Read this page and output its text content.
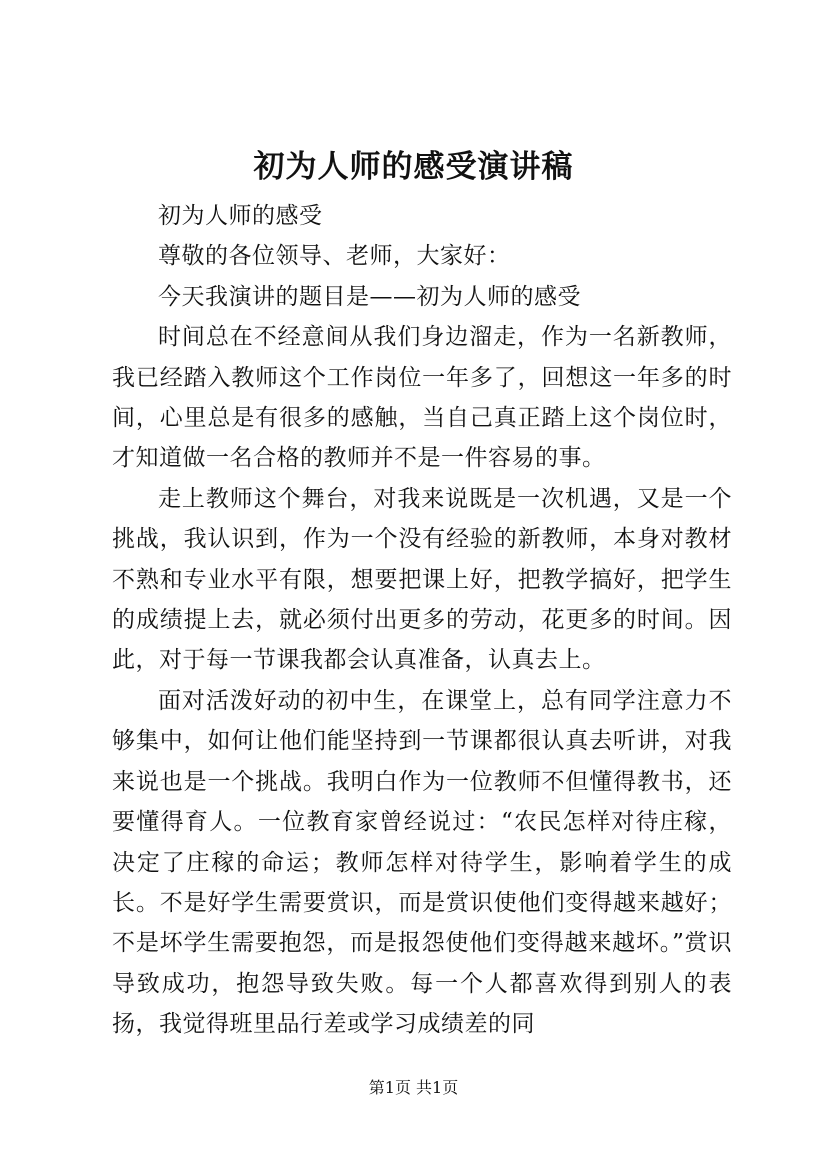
初为人师的感受演讲稿

初为人师的感受

尊敬的各位领导、老师，大家好：

今天我演讲的题目是——初为人师的感受

时间总在不经意间从我们身边溜走，作为一名新教师，我已经踏入教师这个工作岗位一年多了，回想这一年多的时间，心里总是有很多的感触，当自己真正踏上这个岗位时，才知道做一名合格的教师并不是一件容易的事。

走上教师这个舞台，对我来说既是一次机遇，又是一个挑战，我认识到，作为一个没有经验的新教师，本身对教材不熟和专业水平有限，想要把课上好，把教学搞好，把学生的成绩提上去，就必须付出更多的劳动，花更多的时间。因此，对于每一节课我都会认真准备，认真去上。

面对活泼好动的初中生，在课堂上，总有同学注意力不够集中，如何让他们能坚持到一节课都很认真去听讲，对我来说也是一个挑战。我明白作为一位教师不但懂得教书，还要懂得育人。一位教育家曾经说过：“农民怎样对待庄稼，决定了庄稼的命运；教师怎样对待学生，影响着学生的成长。不是好学生需要赏识，而是赏识使他们变得越来越好；不是坏学生需要抱怨，而是报怨使他们变得越来越坏。”赏识导致成功，抱怨导致失败。每一个人都喜欢得到别人的表扬，我觉得班里品行差或学习成绩差的同

第1页 共1页
